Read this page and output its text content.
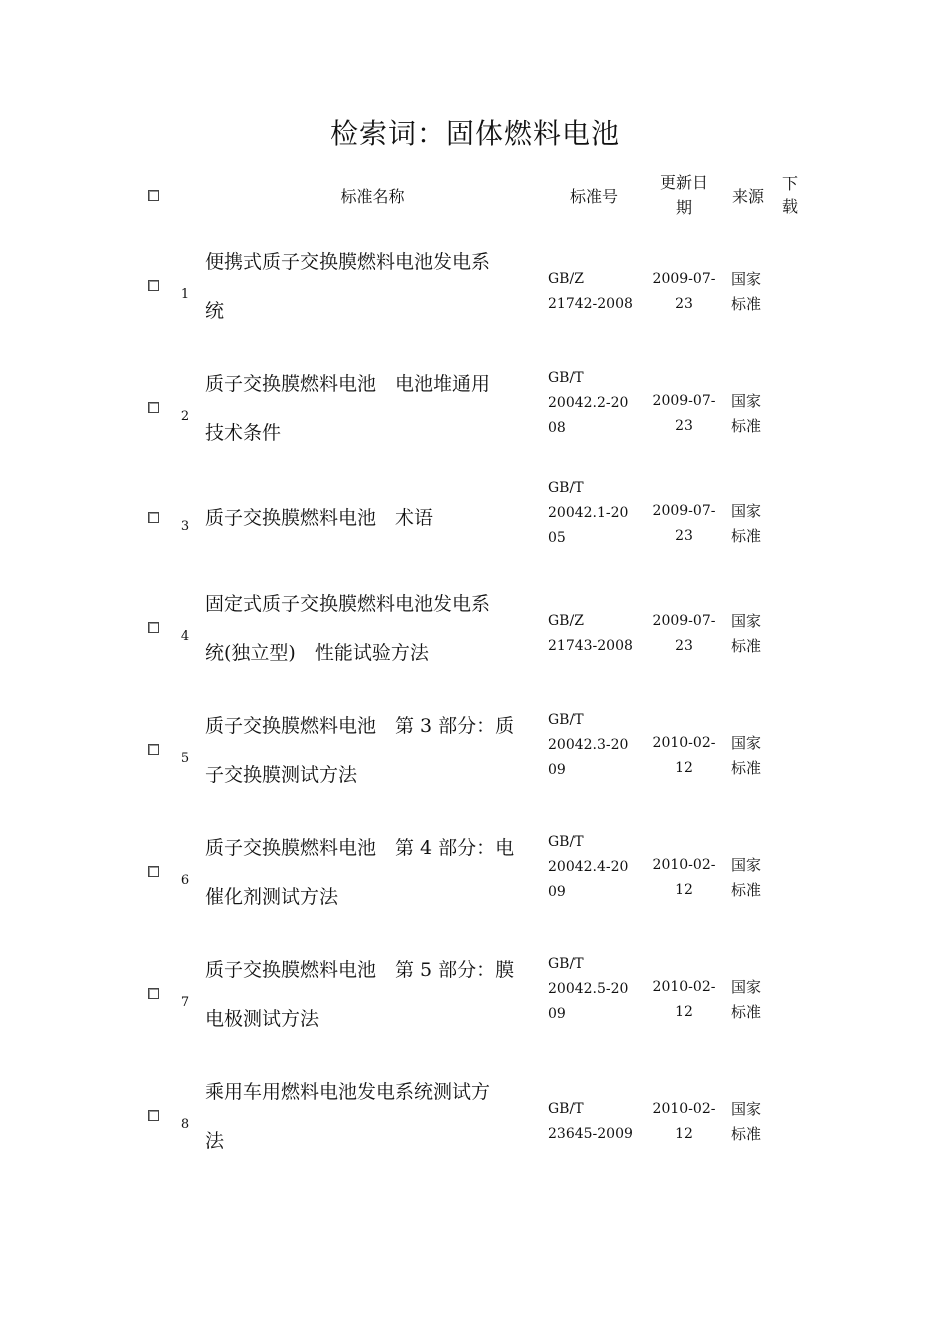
检索词：固体燃料电池
标准名称	标准号
更新日
期
来源
下
载
1
便携式质子交换膜燃料电池发电系
统
GB/Z
21742-2008
2009-07-
23
国家
标准
2
质子交换膜燃料电池　电池堆通用
技术条件
GB/T
20042.2-20
08
2009-07-
23
国家
标准
3 质子交换膜燃料电池　术语
GB/T
20042.1-20
05
2009-07-
23
国家
标准
4
固定式质子交换膜燃料电池发电系
统(独立型)　性能试验方法
GB/Z
21743-2008
2009-07-
23
国家
标准
5
质子交换膜燃料电池　第 3 部分：质
子交换膜测试方法
GB/T
20042.3-20
09
2010-02-
12
国家
标准
6
质子交换膜燃料电池　第 4 部分：电
催化剂测试方法
GB/T
20042.4-20
09
2010-02-
12
国家
标准
7
质子交换膜燃料电池　第 5 部分：膜
电极测试方法
GB/T
20042.5-20
09
2010-02-
12
国家
标准
8
乘用车用燃料电池发电系统测试方
法
GB/T
23645-2009
2010-02-
12
国家
标准
